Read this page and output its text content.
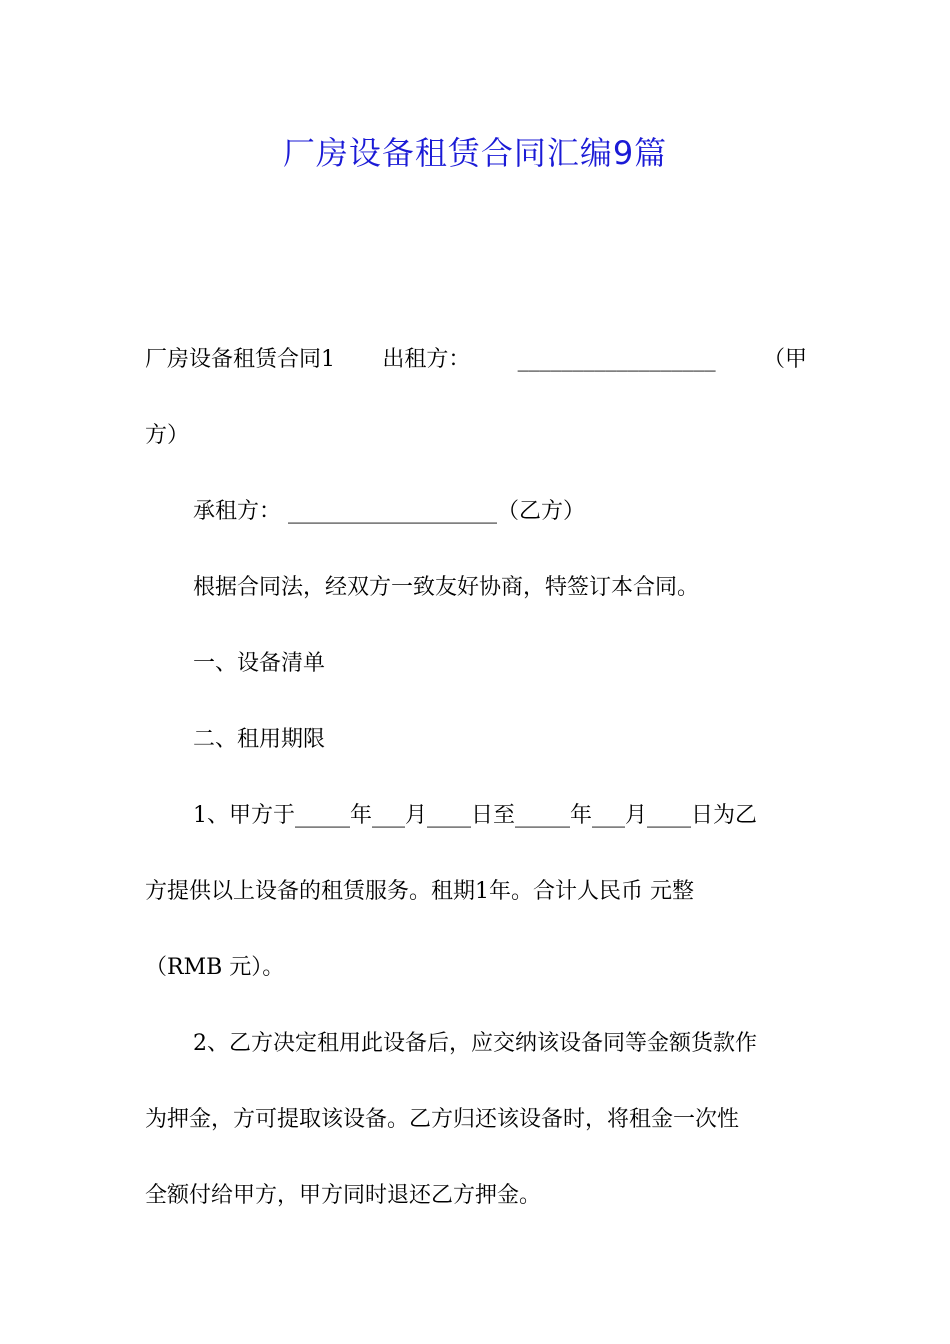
厂房设备租赁合同汇编9篇
厂房设备租赁合同1 出租方： __________________ （甲
方）
承租方： ___________________（乙方）
根据合同法，经双方一致友好协商，特签订本合同。
一、设备清单
二、租用期限
1、甲方于_____年___月____日至_____年___月____日为乙
方提供以上设备的租赁服务。租期1年。合计人民币 元整
（RMB 元）。
2、乙方决定租用此设备后，应交纳该设备同等金额货款作
为押金，方可提取该设备。乙方归还该设备时，将租金一次性
全额付给甲方，甲方同时退还乙方押金。
